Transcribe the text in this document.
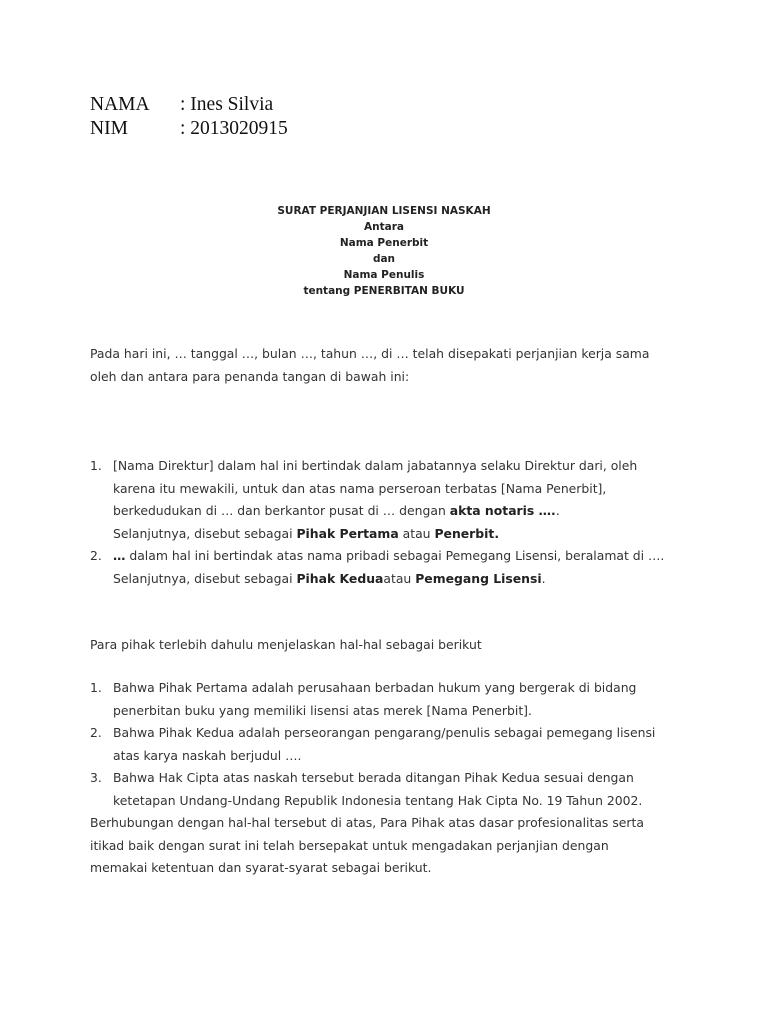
NAMA	: Ines Silvia
NIM	: 2013020915
SURAT PERJANJIAN LISENSI NASKAH
Antara
Nama Penerbit
dan
Nama Penulis
tentang PENERBITAN BUKU
Pada hari ini, … tanggal …, bulan …, tahun …, di … telah disepakati perjanjian kerja sama
oleh dan antara para penanda tangan di bawah ini:
1. [Nama Direktur] dalam hal ini bertindak dalam jabatannya selaku Direktur dari, oleh
karena itu mewakili, untuk dan atas nama perseroan terbatas [Nama Penerbit],
berkedudukan di … dan berkantor pusat di … dengan akta notaris …..
Selanjutnya, disebut sebagai Pihak Pertama atau Penerbit.
2. … dalam hal ini bertindak atas nama pribadi sebagai Pemegang Lisensi, beralamat di ….
Selanjutnya, disebut sebagai Pihak Keduaatau Pemegang Lisensi.
Para pihak terlebih dahulu menjelaskan hal-hal sebagai berikut
1. Bahwa Pihak Pertama adalah perusahaan berbadan hukum yang bergerak di bidang
penerbitan buku yang memiliki lisensi atas merek [Nama Penerbit].
2. Bahwa Pihak Kedua adalah perseorangan pengarang/penulis sebagai pemegang lisensi
atas karya naskah berjudul ….
3. Bahwa Hak Cipta atas naskah tersebut berada ditangan Pihak Kedua sesuai dengan
ketetapan Undang-Undang Republik Indonesia tentang Hak Cipta No. 19 Tahun 2002.
Berhubungan dengan hal-hal tersebut di atas, Para Pihak atas dasar profesionalitas serta
itikad baik dengan surat ini telah bersepakat untuk mengadakan perjanjian dengan
memakai ketentuan dan syarat-syarat sebagai berikut.
